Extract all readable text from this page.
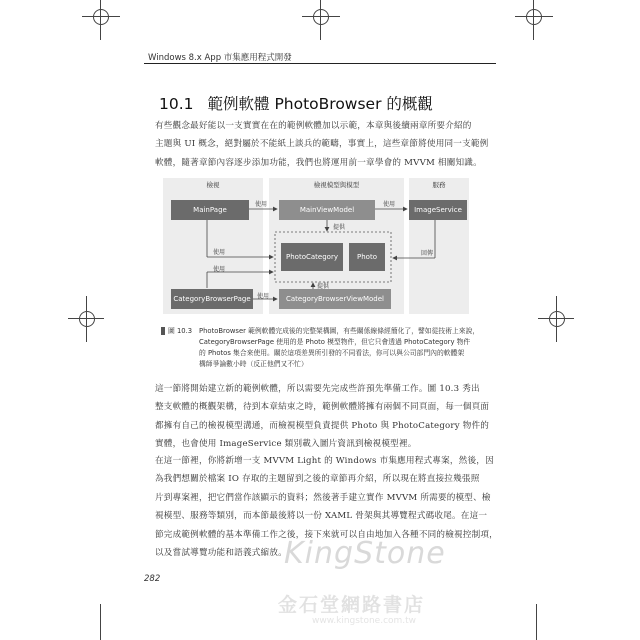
Windows 8.x App 市集應用程式開發
10.1 範例軟體 PhotoBrowser 的概觀
有些觀念最好能以一支實實在在的範例軟體加以示範，本章與後續兩章所要介紹的
主題與 UI 概念，絕對屬於不能紙上談兵的範疇，事實上，這些章節將使用同一支範例
軟體，隨著章節內容逐步添加功能，我們也將運用前一章學會的 MVVM 相關知識。
檢視	檢視模型與模型	服務
MainPage	MainViewModel	ImageService
PhotoCategory	Photo
CategoryBrowserPage	CategoryBrowserViewModel
使用	使用
提供
使用	回傳
使用
提供
使用
圖 10.3 PhotoBrowser 範例軟體完成後的完整架構圖，有些關係線條經簡化了，譬如從技術上來說，
CategoryBrowserPage 使用的是 Photo 模型物件，但它只會透過 PhotoCategory 物件
的 Photos 集合來使用。關於這項差異所引發的不同看法，你可以與公司部門內的軟體架
構師爭論數小時（反正他們又不忙）
這一節將開始建立新的範例軟體，所以需要先完成些許預先準備工作。圖 10.3 秀出
整支軟體的概觀架構，待到本章結束之時，範例軟體將擁有兩個不同頁面，每一個頁面
都擁有自己的檢視模型溝通，而檢視模型負責提供 Photo 與 PhotoCategory 物件的
實體，也會使用 ImageService 類別載入圖片資訊到檢視模型裡。
在這一節裡，你將新增一支 MVVM Light 的 Windows 市集應用程式專案，然後，因
為我們想關於檔案 IO 存取的主題留到之後的章節再介紹，所以現在將直接拉幾張照
片到專案裡，把它們當作該顯示的資料；然後著手建立實作 MVVM 所需要的模型、檢
視模型、服務等類別，而本節最後將以一份 XAML 骨架與其導覽程式碼收尾。在這一
節完成範例軟體的基本準備工作之後，接下來就可以自由地加入各種不同的檢視控制項，
以及嘗試導覽功能和語義式縮放。
282
KingStone
金石堂網路書店
www.kingstone.com.tw
